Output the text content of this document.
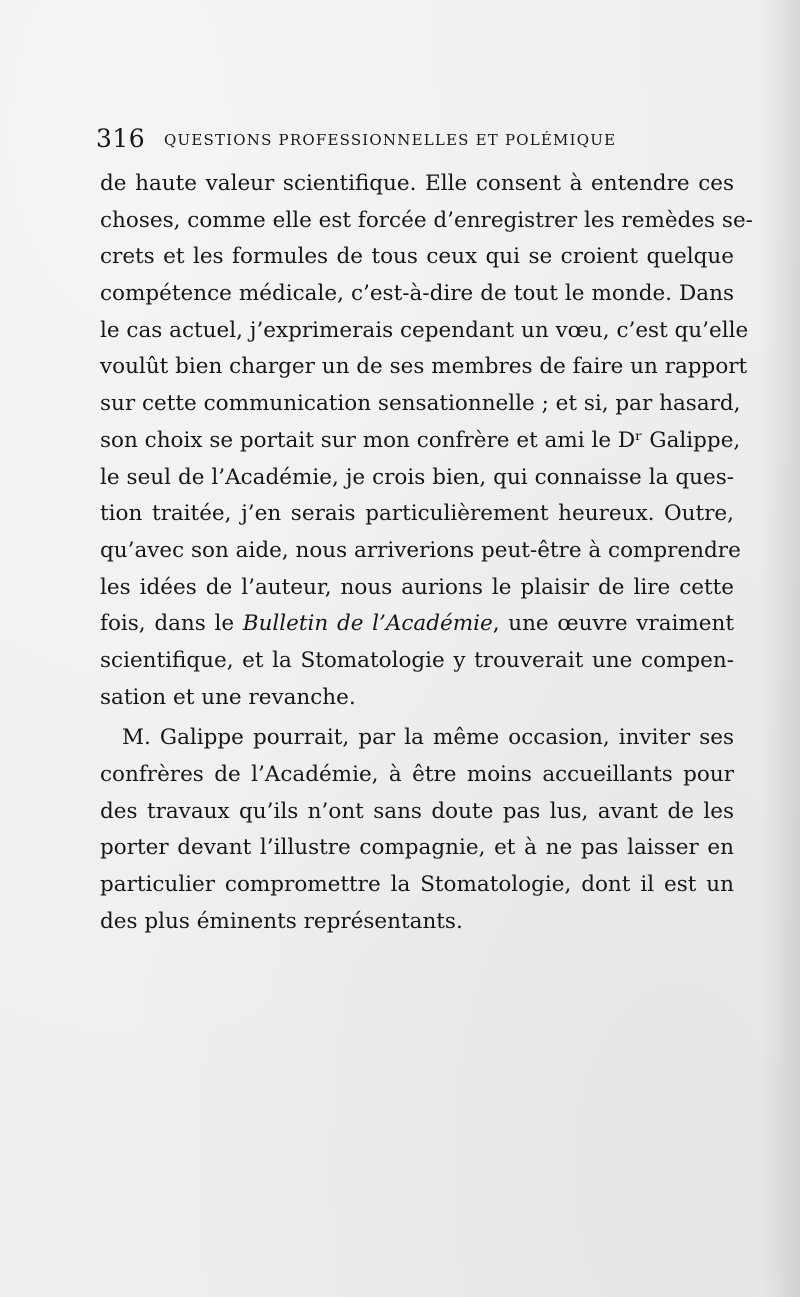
316 QUESTIONS PROFESSIONNELLES ET POLÉMIQUE
de haute valeur scientifique. Elle consent à entendre ces
choses, comme elle est forcée d’enregistrer les remèdes se-
crets et les formules de tous ceux qui se croient quelque
compétence médicale, c’est-à-dire de tout le monde. Dans
le cas actuel, j’exprimerais cependant un vœu, c’est qu’elle
voulût bien charger un de ses membres de faire un rapport
sur cette communication sensationnelle ; et si, par hasard,
son choix se portait sur mon confrère et ami le Dʳ Galippe,
le seul de l’Académie, je crois bien, qui connaisse la ques-
tion traitée, j’en serais particulièrement heureux. Outre,
qu’avec son aide, nous arriverions peut-être à comprendre
les idées de l’auteur, nous aurions le plaisir de lire cette
fois, dans le Bulletin de l’Académie, une œuvre vraiment
scientifique, et la Stomatologie y trouverait une compen-
sation et une revanche.
M. Galippe pourrait, par la même occasion, inviter ses
confrères de l’Académie, à être moins accueillants pour
des travaux qu’ils n’ont sans doute pas lus, avant de les
porter devant l’illustre compagnie, et à ne pas laisser en
particulier compromettre la Stomatologie, dont il est un
des plus éminents représentants.
